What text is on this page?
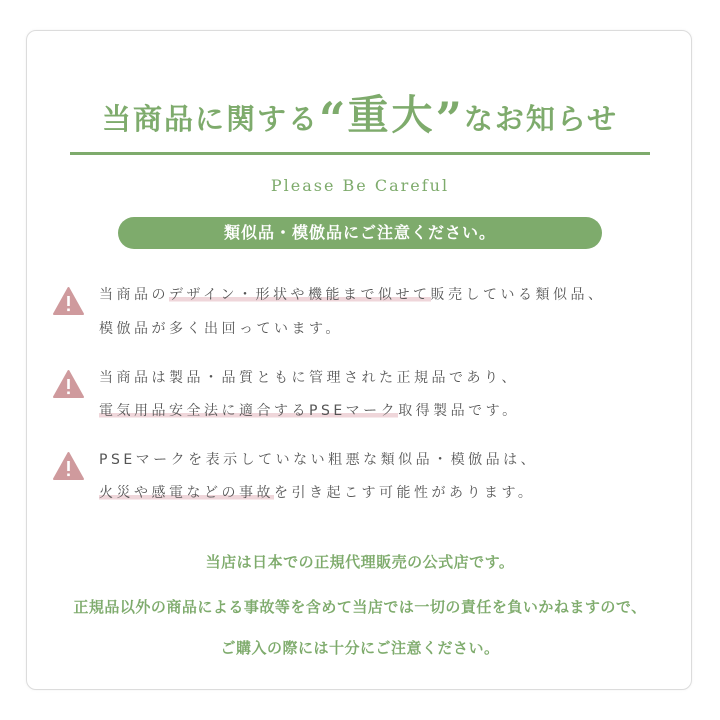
当商品に関する“重大”なお知らせ
Please Be Careful
類似品・模倣品にご注意ください。
当商品のデザイン・形状や機能まで似せて販売している類似品、
模倣品が多く出回っています。
当商品は製品・品質ともに管理された正規品であり、
電気用品安全法に適合するPSEマーク取得製品です。
PSEマークを表示していない粗悪な類似品・模倣品は、
火災や感電などの事故を引き起こす可能性があります。
当店は日本での正規代理販売の公式店です。
正規品以外の商品による事故等を含めて当店では一切の責任を負いかねますので、
ご購入の際には十分にご注意ください。
